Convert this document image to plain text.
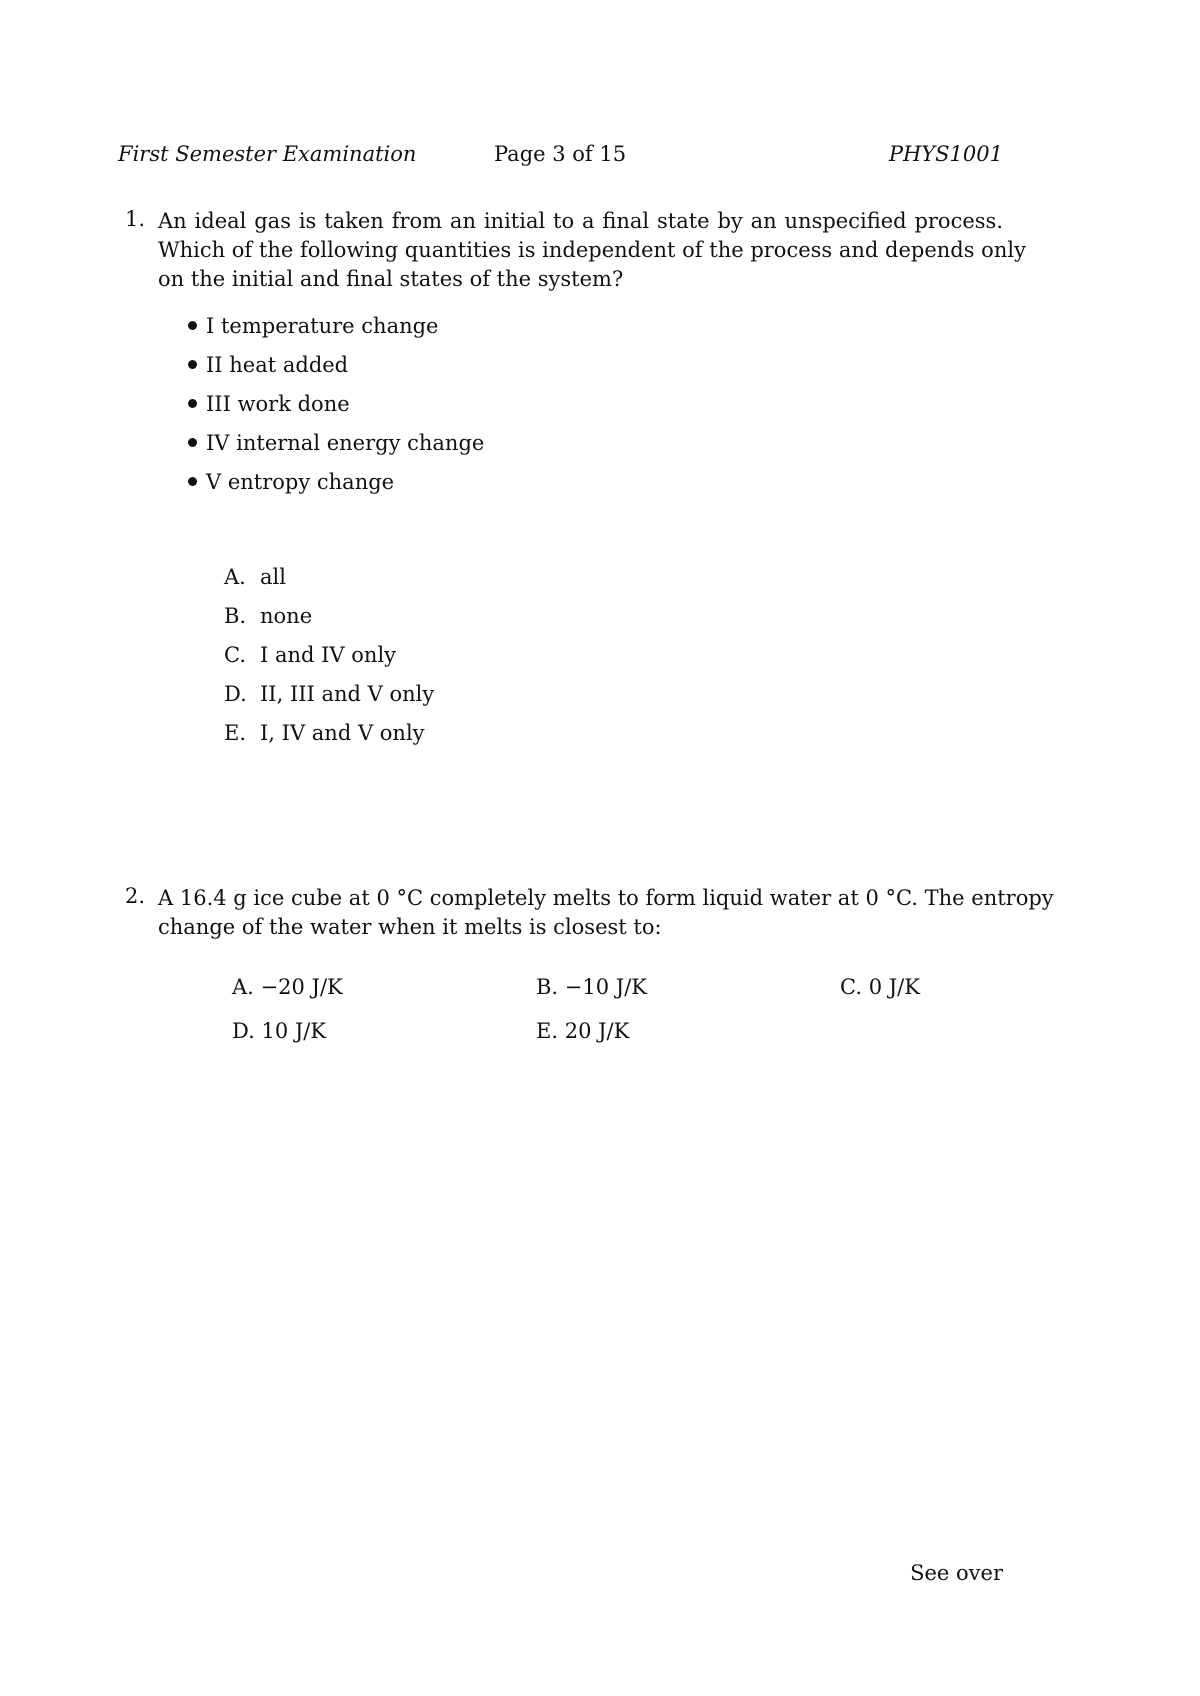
First Semester Examination	Page 3 of 15	PHYS1001
1. An ideal gas is taken from an initial to a final state by an unspecified process.
Which of the following quantities is independent of the process and depends only
on the initial and final states of the system?
I temperature change
II heat added
III work done
IV internal energy change
V entropy change
A. all
B. none
C. I and IV only
D. II, III and V only
E. I, IV and V only
2. A 16.4 g ice cube at 0 °C completely melts to form liquid water at 0 °C. The entropy
change of the water when it melts is closest to:
A. −20 J/K	B. −10 J/K	C. 0 J/K
D. 10 J/K	E. 20 J/K
See over
